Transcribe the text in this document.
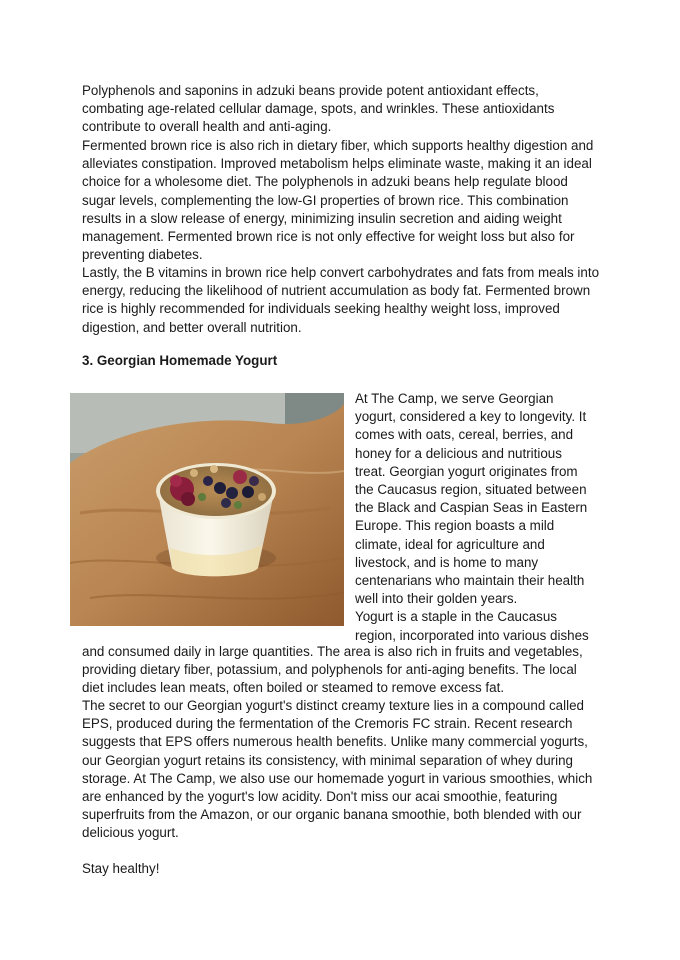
Polyphenols and saponins in adzuki beans provide potent antioxidant effects, combating age-related cellular damage, spots, and wrinkles. These antioxidants contribute to overall health and anti-aging.

Fermented brown rice is also rich in dietary fiber, which supports healthy digestion and alleviates constipation. Improved metabolism helps eliminate waste, making it an ideal choice for a wholesome diet. The polyphenols in adzuki beans help regulate blood sugar levels, complementing the low-GI properties of brown rice. This combination results in a slow release of energy, minimizing insulin secretion and aiding weight management. Fermented brown rice is not only effective for weight loss but also for preventing diabetes.

Lastly, the B vitamins in brown rice help convert carbohydrates and fats from meals into energy, reducing the likelihood of nutrient accumulation as body fat. Fermented brown rice is highly recommended for individuals seeking healthy weight loss, improved digestion, and better overall nutrition.

3. Georgian Homemade Yogurt
At The Camp, we serve Georgian
yogurt, considered a key to longevity. It
comes with oats, cereal, berries, and
honey for a delicious and nutritious
treat. Georgian yogurt originates from
the Caucasus region, situated between
the Black and Caspian Seas in Eastern
Europe. This region boasts a mild
climate, ideal for agriculture and
livestock, and is home to many
centenarians who maintain their health
well into their golden years.
Yogurt is a staple in the Caucasus
region, incorporated into various dishes

and consumed daily in large quantities. The area is also rich in fruits and vegetables, providing dietary fiber, potassium, and polyphenols for anti-aging benefits. The local diet includes lean meats, often boiled or steamed to remove excess fat.

The secret to our Georgian yogurt's distinct creamy texture lies in a compound called EPS, produced during the fermentation of the Cremoris FC strain. Recent research suggests that EPS offers numerous health benefits. Unlike many commercial yogurts, our Georgian yogurt retains its consistency, with minimal separation of whey during storage. At The Camp, we also use our homemade yogurt in various smoothies, which are enhanced by the yogurt's low acidity. Don't miss our acai smoothie, featuring superfruits from the Amazon, or our organic banana smoothie, both blended with our delicious yogurt.

Stay healthy!
